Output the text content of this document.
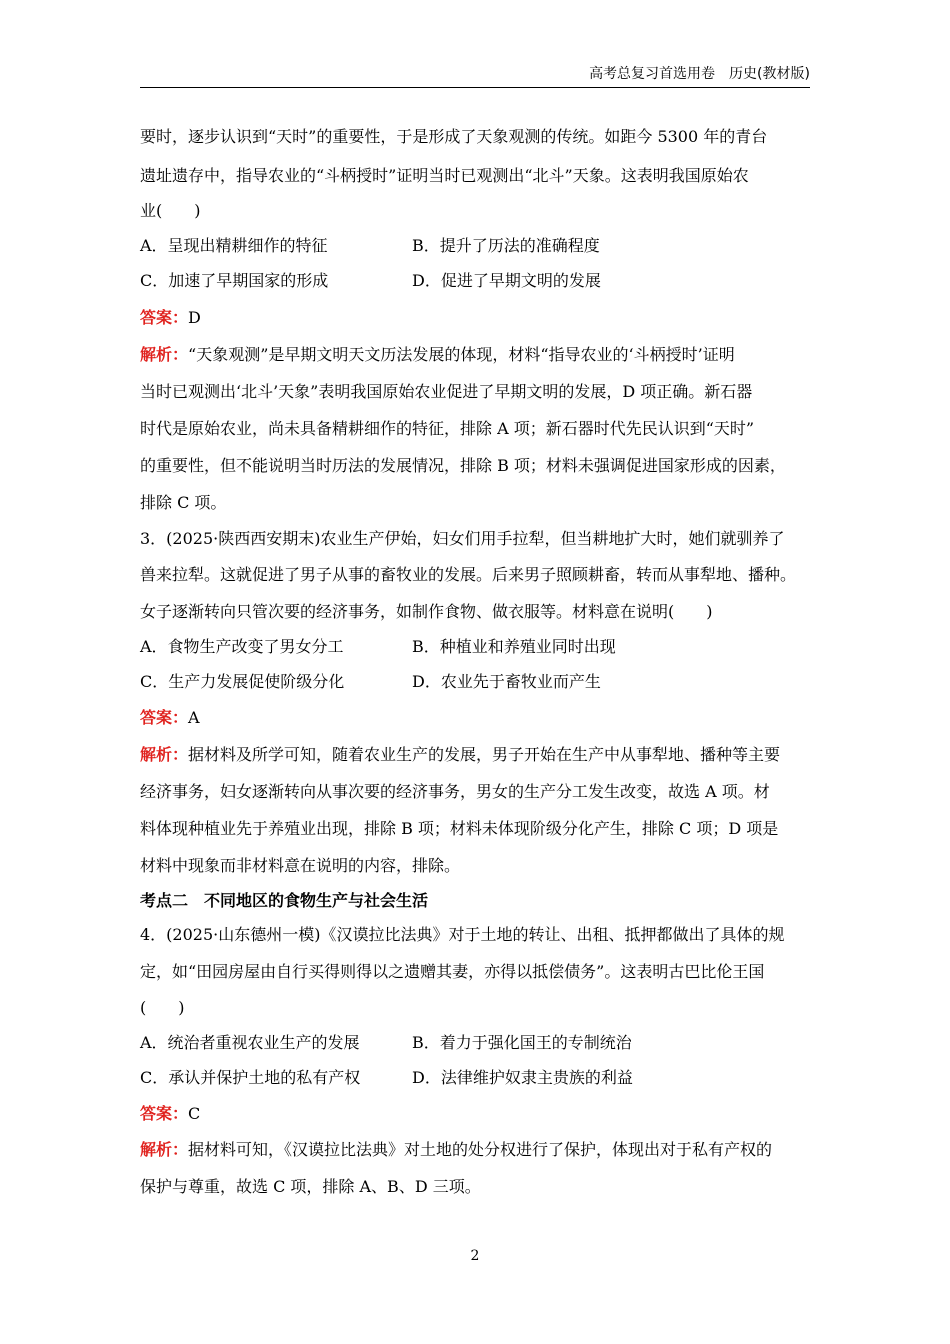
高考总复习首选用卷　历史(教材版)
要时，逐步认识到“天时”的重要性，于是形成了天象观测的传统。如距今 5300 年的青台
遗址遗存中，指导农业的“斗柄授时”证明当时已观测出“北斗”天象。这表明我国原始农
业(　　)
A．呈现出精耕细作的特征	B．提升了历法的准确程度
C．加速了早期国家的形成	D．促进了早期文明的发展
答案：D
解析：“天象观测”是早期文明天文历法发展的体现，材料“指导农业的‘斗柄授时’证明
当时已观测出‘北斗’天象”表明我国原始农业促进了早期文明的发展，D 项正确。新石器
时代是原始农业，尚未具备精耕细作的特征，排除 A 项；新石器时代先民认识到“天时”
的重要性，但不能说明当时历法的发展情况，排除 B 项；材料未强调促进国家形成的因素，
排除 C 项。
3．(2025·陕西西安期末)农业生产伊始，妇女们用手拉犁，但当耕地扩大时，她们就驯养了
兽来拉犁。这就促进了男子从事的畜牧业的发展。后来男子照顾耕畜，转而从事犁地、播种。
女子逐渐转向只管次要的经济事务，如制作食物、做衣服等。材料意在说明(　　)
A．食物生产改变了男女分工	B．种植业和养殖业同时出现
C．生产力发展促使阶级分化	D．农业先于畜牧业而产生
答案：A
解析：据材料及所学可知，随着农业生产的发展，男子开始在生产中从事犁地、播种等主要
经济事务，妇女逐渐转向从事次要的经济事务，男女的生产分工发生改变，故选 A 项。材
料体现种植业先于养殖业出现，排除 B 项；材料未体现阶级分化产生，排除 C 项；D 项是
材料中现象而非材料意在说明的内容，排除。
考点二　不同地区的食物生产与社会生活
4．(2025·山东德州一模)《汉谟拉比法典》对于土地的转让、出租、抵押都做出了具体的规
定，如“田园房屋由自行买得则得以之遗赠其妻，亦得以抵偿债务”。这表明古巴比伦王国
(　　)
A．统治者重视农业生产的发展	B．着力于强化国王的专制统治
C．承认并保护土地的私有产权	D．法律维护奴隶主贵族的利益
答案：C
解析：据材料可知，《汉谟拉比法典》对土地的处分权进行了保护，体现出对于私有产权的
保护与尊重，故选 C 项，排除 A、B、D 三项。
2
